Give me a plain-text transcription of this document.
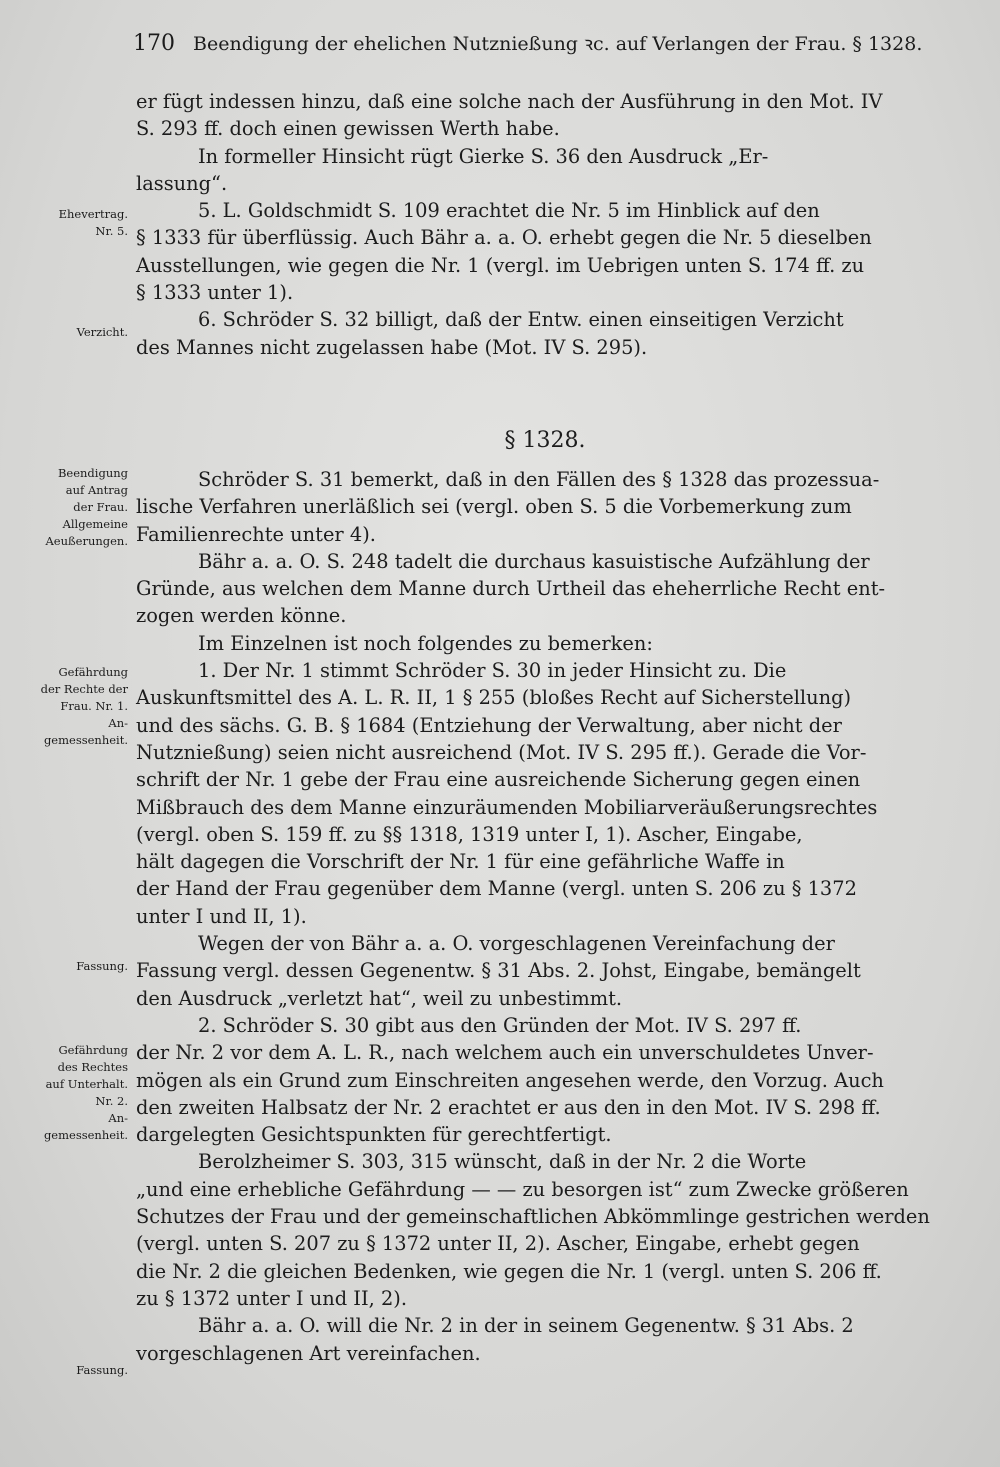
170 Beendigung der ehelichen Nutznießung ꝛc. auf Verlangen der Frau. § 1328.
Ehevertrag.
Nr. 5.
Verzicht.
Beendigung
auf Antrag
der Frau.
Allgemeine
Aeußerungen.
Gefährdung
der Rechte der
Frau. Nr. 1.
An-
gemessenheit.
Fassung.
Gefährdung
des Rechtes
auf Unterhalt.
Nr. 2.
An-
gemessenheit.
Fassung.
er fügt indessen hinzu, daß eine solche nach der Ausführung in den Mot. IV
S. 293 ff. doch einen gewissen Werth habe.
In formeller Hinsicht rügt Gierke S. 36 den Ausdruck „Er-
lassung“.
5. L. Goldschmidt S. 109 erachtet die Nr. 5 im Hinblick auf den
§ 1333 für überflüssig. Auch Bähr a. a. O. erhebt gegen die Nr. 5 dieselben
Ausstellungen, wie gegen die Nr. 1 (vergl. im Uebrigen unten S. 174 ff. zu
§ 1333 unter 1).
6. Schröder S. 32 billigt, daß der Entw. einen einseitigen Verzicht
des Mannes nicht zugelassen habe (Mot. IV S. 295).
§ 1328.
Schröder S. 31 bemerkt, daß in den Fällen des § 1328 das prozessua-
lische Verfahren unerläßlich sei (vergl. oben S. 5 die Vorbemerkung zum
Familienrechte unter 4).
Bähr a. a. O. S. 248 tadelt die durchaus kasuistische Aufzählung der
Gründe, aus welchen dem Manne durch Urtheil das eheherrliche Recht ent-
zogen werden könne.
Im Einzelnen ist noch folgendes zu bemerken:
1. Der Nr. 1 stimmt Schröder S. 30 in jeder Hinsicht zu. Die
Auskunftsmittel des A. L. R. II, 1 § 255 (bloßes Recht auf Sicherstellung)
und des sächs. G. B. § 1684 (Entziehung der Verwaltung, aber nicht der
Nutznießung) seien nicht ausreichend (Mot. IV S. 295 ff.). Gerade die Vor-
schrift der Nr. 1 gebe der Frau eine ausreichende Sicherung gegen einen
Mißbrauch des dem Manne einzuräumenden Mobiliarveräußerungsrechtes
(vergl. oben S. 159 ff. zu §§ 1318, 1319 unter I, 1). Ascher, Eingabe,
hält dagegen die Vorschrift der Nr. 1 für eine gefährliche Waffe in
der Hand der Frau gegenüber dem Manne (vergl. unten S. 206 zu § 1372
unter I und II, 1).
Wegen der von Bähr a. a. O. vorgeschlagenen Vereinfachung der
Fassung vergl. dessen Gegenentw. § 31 Abs. 2. Johst, Eingabe, bemängelt
den Ausdruck „verletzt hat“, weil zu unbestimmt.
2. Schröder S. 30 gibt aus den Gründen der Mot. IV S. 297 ff.
der Nr. 2 vor dem A. L. R., nach welchem auch ein unverschuldetes Unver-
mögen als ein Grund zum Einschreiten angesehen werde, den Vorzug. Auch
den zweiten Halbsatz der Nr. 2 erachtet er aus den in den Mot. IV S. 298 ff.
dargelegten Gesichtspunkten für gerechtfertigt.
Berolzheimer S. 303, 315 wünscht, daß in der Nr. 2 die Worte
„und eine erhebliche Gefährdung — — zu besorgen ist“ zum Zwecke größeren
Schutzes der Frau und der gemeinschaftlichen Abkömmlinge gestrichen werden
(vergl. unten S. 207 zu § 1372 unter II, 2). Ascher, Eingabe, erhebt gegen
die Nr. 2 die gleichen Bedenken, wie gegen die Nr. 1 (vergl. unten S. 206 ff.
zu § 1372 unter I und II, 2).
Bähr a. a. O. will die Nr. 2 in der in seinem Gegenentw. § 31 Abs. 2
vorgeschlagenen Art vereinfachen.
